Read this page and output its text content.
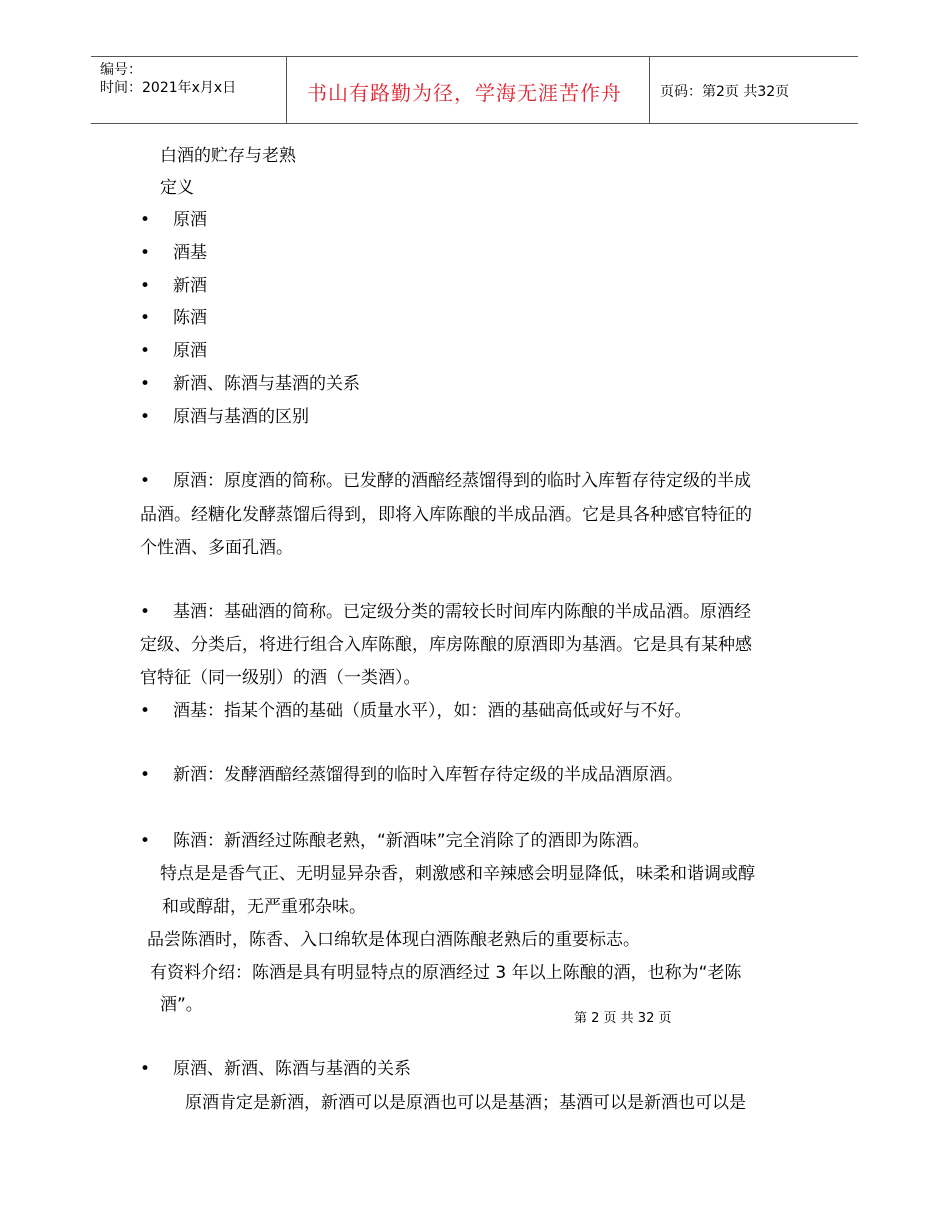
编号：
时间：2021年x月x日	书山有路勤为径，学海无涯苦作舟	页码：第2页 共32页
白酒的贮存与老熟
定义
• 原酒
• 酒基
• 新酒
• 陈酒
• 原酒
• 新酒、陈酒与基酒的关系
• 原酒与基酒的区别
• 原酒：原度酒的简称。已发酵的酒醅经蒸馏得到的临时入库暂存待定级的半成
品酒。经糖化发酵蒸馏后得到，即将入库陈酿的半成品酒。它是具各种感官特征的
个性酒、多面孔酒。
• 基酒：基础酒的简称。已定级分类的需较长时间库内陈酿的半成品酒。原酒经
定级、分类后，将进行组合入库陈酿，库房陈酿的原酒即为基酒。它是具有某种感
官特征（同一级别）的酒（一类酒）。
• 酒基：指某个酒的基础（质量水平），如：酒的基础高低或好与不好。
• 新酒：发酵酒醅经蒸馏得到的临时入库暂存待定级的半成品酒原酒。
• 陈酒：新酒经过陈酿老熟，“新酒味”完全消除了的酒即为陈酒。
特点是是香气正、无明显异杂香，刺激感和辛辣感会明显降低，味柔和谐调或醇
和或醇甜，无严重邪杂味。
品尝陈酒时，陈香、入口绵软是体现白酒陈酿老熟后的重要标志。
有资料介绍：陈酒是具有明显特点的原酒经过 3 年以上陈酿的酒，也称为“老陈
酒”。
第 2 页 共 32 页
• 原酒、新酒、陈酒与基酒的关系
原酒肯定是新酒，新酒可以是原酒也可以是基酒；基酒可以是新酒也可以是
